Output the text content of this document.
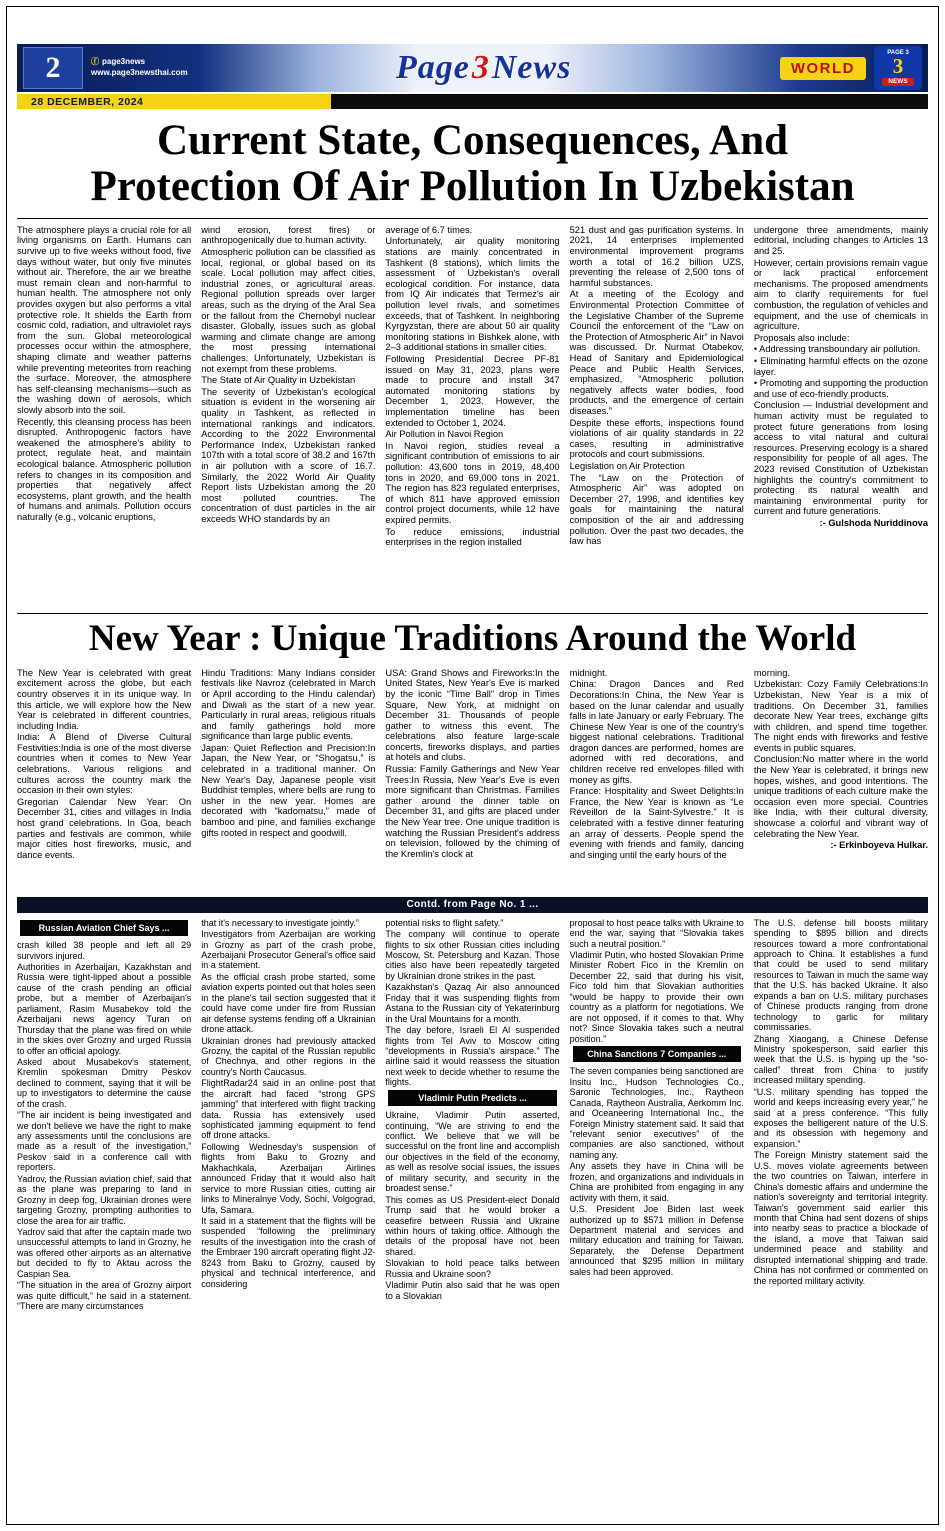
2	ⓕ page3news
www.page3newsthai.com	Page3News	WORLD
PAGE 3
3
NEWS
28 DECEMBER, 2024
Current State, Consequences, And
Protection Of Air Pollution In Uzbekistan

The atmosphere plays a crucial role for all living organisms on Earth. Humans can survive up to five weeks without food, five days without water, but only five minutes without air. Therefore, the air we breathe must remain clean and non-harmful to human health. The atmosphere not only provides oxygen but also performs a vital protective role. It shields the Earth from cosmic cold, radiation, and ultraviolet rays from the sun. Global meteorological processes occur within the atmosphere, shaping climate and weather patterns while preventing meteorites from reaching the surface. Moreover, the atmosphere has self-cleansing mechanisms—such as the washing down of aerosols, which slowly absorb into the soil.

Recently, this cleansing process has been disrupted. Anthropogenic factors have weakened the atmosphere's ability to protect, regulate heat, and maintain ecological balance. Atmospheric pollution refers to changes in its composition and properties that negatively affect ecosystems, plant growth, and the health of humans and animals. Pollution occurs naturally (e.g., volcanic eruptions,

wind erosion, forest fires) or anthropogenically due to human activity.

Atmospheric pollution can be classified as local, regional, or global based on its scale. Local pollution may affect cities, industrial zones, or agricultural areas. Regional pollution spreads over larger areas, such as the drying of the Aral Sea or the fallout from the Chernobyl nuclear disaster. Globally, issues such as global warming and climate change are among the most pressing international challenges. Unfortunately, Uzbekistan is not exempt from these problems.

The State of Air Quality in Uzbekistan

The severity of Uzbekistan's ecological situation is evident in the worsening air quality in Tashkent, as reflected in international rankings and indicators. According to the 2022 Environmental Performance Index, Uzbekistan ranked 107th with a total score of 38.2 and 167th in air pollution with a score of 16.7. Similarly, the 2022 World Air Quality Report lists Uzbekistan among the 20 most polluted countries. The concentration of dust particles in the air exceeds WHO standards by an

average of 6.7 times.

Unfortunately, air quality monitoring stations are mainly concentrated in Tashkent (8 stations), which limits the assessment of Uzbekistan's overall ecological condition. For instance, data from IQ Air indicates that Termez's air pollution level rivals, and sometimes exceeds, that of Tashkent. In neighboring Kyrgyzstan, there are about 50 air quality monitoring stations in Bishkek alone, with 2–3 additional stations in smaller cities.

Following Presidential Decree PF-81 issued on May 31, 2023, plans were made to procure and install 347 automated monitoring stations by December 1, 2023. However, the implementation timeline has been extended to October 1, 2024.

Air Pollution in Navoi Region

In Navoi region, studies reveal a significant contribution of emissions to air pollution: 43,600 tons in 2019, 48,400 tons in 2020, and 69,000 tons in 2021. The region has 823 regulated enterprises, of which 811 have approved emission control project documents, while 12 have expired permits.

To reduce emissions, industrial enterprises in the region installed

521 dust and gas purification systems. In 2021, 14 enterprises implemented environmental improvement programs worth a total of 16.2 billion UZS, preventing the release of 2,500 tons of harmful substances.

At a meeting of the Ecology and Environmental Protection Committee of the Legislative Chamber of the Supreme Council the enforcement of the “Law on the Protection of Atmospheric Air” in Navoi was discussed. Dr. Nurmat Otabekov, Head of Sanitary and Epidemiological Peace and Public Health Services, emphasized, “Atmospheric pollution negatively affects water bodies, food products, and the emergence of certain diseases.”

Despite these efforts, inspections found violations of air quality standards in 22 cases, resulting in administrative protocols and court submissions.

Legislation on Air Protection

The “Law on the Protection of Atmospheric Air” was adopted on December 27, 1996, and identifies key goals for maintaining the natural composition of the air and addressing pollution. Over the past two decades, the law has

undergone three amendments, mainly editorial, including changes to Articles 13 and 25.

However, certain provisions remain vague or lack practical enforcement mechanisms. The proposed amendments aim to clarify requirements for fuel combustion, the regulation of vehicles and equipment, and the use of chemicals in agriculture.

Proposals also include:

• Addressing transboundary air pollution.

• Eliminating harmful effects on the ozone layer.

• Promoting and supporting the production and use of eco-friendly products.

Conclusion — Industrial development and human activity must be regulated to protect future generations from losing access to vital natural and cultural resources. Preserving ecology is a shared responsibility for people of all ages. The 2023 revised Constitution of Uzbekistan highlights the country's commitment to protecting its natural wealth and maintaining environmental purity for current and future generations.

:- Gulshoda Nuriddinova

New Year : Unique Traditions Around the World

The New Year is celebrated with great excitement across the globe, but each country observes it in its unique way. In this article, we will explore how the New Year is celebrated in different countries, including India.

India: A Blend of Diverse Cultural Festivities:India is one of the most diverse countries when it comes to New Year celebrations. Various religions and cultures across the country mark the occasion in their own styles:

Gregorian Calendar New Year: On December 31, cities and villages in India host grand celebrations. In Goa, beach parties and festivals are common, while major cities host fireworks, music, and dance events.

Hindu Traditions: Many Indians consider festivals like Navroz (celebrated in March or April according to the Hindu calendar) and Diwali as the start of a new year. Particularly in rural areas, religious rituals and family gatherings hold more significance than large public events.

Japan: Quiet Reflection and Precision:In Japan, the New Year, or “Shogatsu,” is celebrated in a traditional manner. On New Year's Day, Japanese people visit Buddhist temples, where bells are rung to usher in the new year. Homes are decorated with “kadomatsu,” made of bamboo and pine, and families exchange gifts rooted in respect and goodwill.

USA: Grand Shows and Fireworks:In the United States, New Year's Eve is marked by the iconic “Time Ball” drop in Times Square, New York, at midnight on December 31. Thousands of people gather to witness this event. The celebrations also feature large-scale concerts, fireworks displays, and parties at hotels and clubs.

Russia: Family Gatherings and New Year Trees:In Russia, New Year's Eve is even more significant than Christmas. Families gather around the dinner table on December 31, and gifts are placed under the New Year tree. One unique tradition is watching the Russian President's address on television, followed by the chiming of the Kremlin's clock at

midnight.

China: Dragon Dances and Red Decorations:In China, the New Year is based on the lunar calendar and usually falls in late January or early February. The Chinese New Year is one of the country's biggest national celebrations. Traditional dragon dances are performed, homes are adorned with red decorations, and children receive red envelopes filled with money as gifts.

France: Hospitality and Sweet Delights:In France, the New Year is known as “Le Réveillon de la Saint-Sylvestre.” It is celebrated with a festive dinner featuring an array of desserts. People spend the evening with friends and family, dancing and singing until the early hours of the

morning.

Uzbekistan: Cozy Family Celebrations:In Uzbekistan, New Year is a mix of traditions. On December 31, families decorate New Year trees, exchange gifts with children, and spend time together. The night ends with fireworks and festive events in public squares.

Conclusion:No matter where in the world the New Year is celebrated, it brings new hopes, wishes, and good intentions. The unique traditions of each culture make the occasion even more special. Countries like India, with their cultural diversity, showcase a colorful and vibrant way of celebrating the New Year.

:- Erkinboyeva Hulkar.

Contd. from Page No. 1 ...
Russian Aviation Chief Says ...

crash killed 38 people and left all 29 survivors injured.

Authorities in Azerbaijan, Kazakhstan and Russia were tight-lipped about a possible cause of the crash pending an official probe, but a member of Azerbaijan's parliament, Rasim Musabekov told the Azerbaijani news agency Turan on Thursday that the plane was fired on while in the skies over Grozny and urged Russia to offer an official apology.

Asked about Musabekov's statement, Kremlin spokesman Dmitry Peskov declined to comment, saying that it will be up to investigators to determine the cause of the crash.

“The air incident is being investigated and we don't believe we have the right to make any assessments until the conclusions are made as a result of the investigation,” Peskov said in a conference call with reporters.

Yadrov, the Russian aviation chief, said that as the plane was preparing to land in Grozny in deep fog, Ukrainian drones were targeting Grozny, prompting authorities to close the area for air traffic.

Yadrov said that after the captain made two unsuccessful attempts to land in Grozny, he was offered other airports as an alternative but decided to fly to Aktau across the Caspian Sea.

“The situation in the area of Grozny airport was quite difficult,” he said in a statement. “There are many circumstances

that it's necessary to investigate jointly.”

Investigators from Azerbaijan are working in Grozny as part of the crash probe, Azerbaijani Prosecutor General's office said in a statement.

As the official crash probe started, some aviation experts pointed out that holes seen in the plane's tail section suggested that it could have come under fire from Russian air defense systems fending off a Ukrainian drone attack.

Ukrainian drones had previously attacked Grozny, the capital of the Russian republic of Chechnya, and other regions in the country's North Caucasus.

FlightRadar24 said in an online post that the aircraft had faced “strong GPS jamming” that interfered with flight tracking data. Russia has extensively used sophisticated jamming equipment to fend off drone attacks.

Following Wednesday's suspension of flights from Baku to Grozny and Makhachkala, Azerbaijan Airlines announced Friday that it would also halt service to more Russian cities, cutting air links to Mineralnye Vody, Sochi, Volgograd, Ufa, Samara.

It said in a statement that the flights will be suspended “following the preliminary results of the investigation into the crash of the Embraer 190 aircraft operating flight J2-8243 from Baku to Grozny, caused by physical and technical interference, and considering

potential risks to flight safety.”

The company will continue to operate flights to six other Russian cities including Moscow, St. Petersburg and Kazan. Those cities also have been repeatedly targeted by Ukrainian drone strikes in the past.

Kazakhstan's Qazaq Air also announced Friday that it was suspending flights from Astana to the Russian city of Yekaterinburg in the Ural Mountains for a month.

The day before, Israeli El Al suspended flights from Tel Aviv to Moscow citing “developments in Russia's airspace.” The airline said it would reassess the situation next week to decide whether to resume the flights.

Vladimir Putin Predicts ...

Ukraine, Vladimir Putin asserted, continuing, “We are striving to end the conflict. We believe that we will be successful on the front line and accomplish our objectives in the field of the economy, as well as resolve social issues, the issues of military security, and security in the broadest sense.”

This comes as US President-elect Donald Trump said that he would broker a ceasefire between Russia and Ukraine within hours of taking office. Although the details of the proposal have not been shared.

Slovakian to hold peace talks between Russia and Ukraine soon?

Vladimir Putin also said that he was open to a Slovakian

proposal to host peace talks with Ukraine to end the war, saying that “Slovakia takes such a neutral position.”

Vladimir Putin, who hosted Slovakian Prime Minister Robert Fico in the Kremlin on December 22, said that during his visit, Fico told him that Slovakian authorities “would be happy to provide their own country as a platform for negotiations. We are not opposed, if it comes to that. Why not? Since Slovakia takes such a neutral position.”

China Sanctions 7 Companies ...

The seven companies being sanctioned are Insitu Inc., Hudson Technologies Co., Saronic Technologies, Inc., Raytheon Canada, Raytheon Australia, Aerkomm Inc. and Oceaneering International Inc., the Foreign Ministry statement said. It said that “relevant senior executives” of the companies are also sanctioned, without naming any.

Any assets they have in China will be frozen, and organizations and individuals in China are prohibited from engaging in any activity with them, it said.

U.S. President Joe Biden last week authorized up to $571 million in Defense Department material and services and military education and training for Taiwan. Separately, the Defense Department announced that $295 million in military sales had been approved.

The U.S. defense bill boosts military spending to $895 billion and directs resources toward a more confrontational approach to China. It establishes a fund that could be used to send military resources to Taiwan in much the same way that the U.S. has backed Ukraine. It also expands a ban on U.S. military purchases of Chinese products ranging from drone technology to garlic for military commissaries.

Zhang Xiaogang, a Chinese Defense Ministry spokesperson, said earlier this week that the U.S. is hyping up the “so-called” threat from China to justify increased military spending.

“U.S. military spending has topped the world and keeps increasing every year,” he said at a press conference. “This fully exposes the belligerent nature of the U.S. and its obsession with hegemony and expansion.”

The Foreign Ministry statement said the U.S. moves violate agreements between the two countries on Taiwan, interfere in China's domestic affairs and undermine the nation's sovereignty and territorial integrity. Taiwan's government said earlier this month that China had sent dozens of ships into nearby seas to practice a blockade of the island, a move that Taiwan said undermined peace and stability and disrupted international shipping and trade. China has not confirmed or commented on the reported military activity.
